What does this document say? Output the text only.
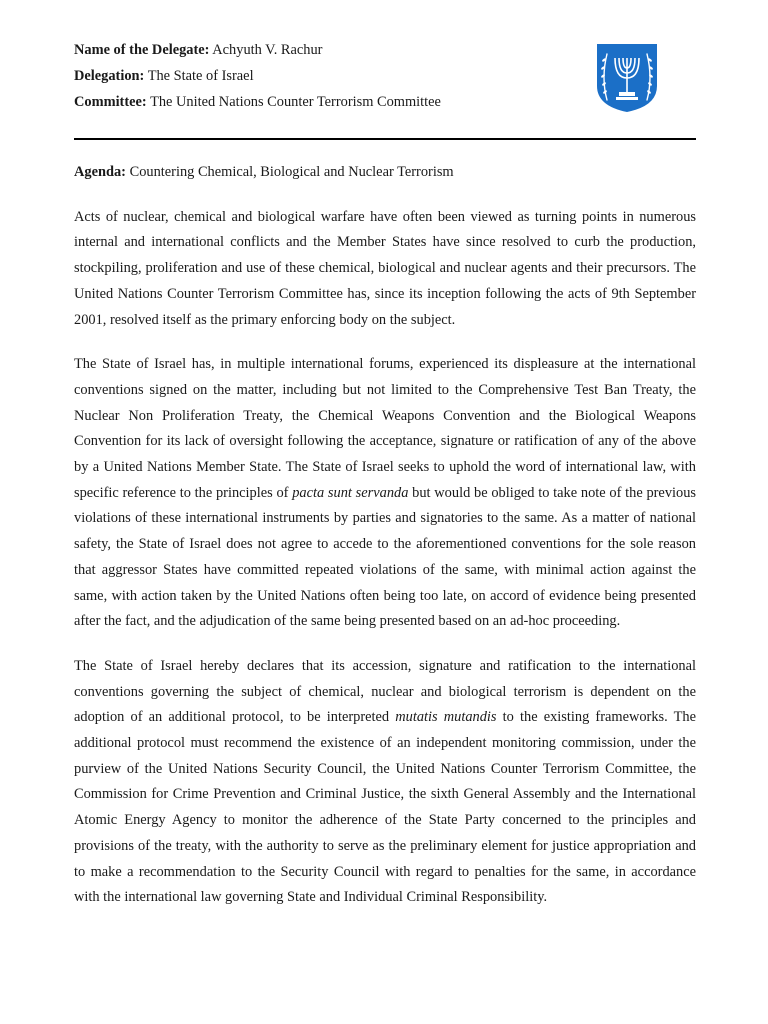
Name of the Delegate: Achyuth V. Rachur

Delegation: The State of Israel

Committee: The United Nations Counter Terrorism Committee

Agenda: Countering Chemical, Biological and Nuclear Terrorism

Acts of nuclear, chemical and biological warfare have often been viewed as turning points in numerous internal and international conflicts and the Member States have since resolved to curb the production, stockpiling, proliferation and use of these chemical, biological and nuclear agents and their precursors. The United Nations Counter Terrorism Committee has, since its inception following the acts of 9th September 2001, resolved itself as the primary enforcing body on the subject.

The State of Israel has, in multiple international forums, experienced its displeasure at the international conventions signed on the matter, including but not limited to the Comprehensive Test Ban Treaty, the Nuclear Non Proliferation Treaty, the Chemical Weapons Convention and the Biological Weapons Convention for its lack of oversight following the acceptance, signature or ratification of any of the above by a United Nations Member State. The State of Israel seeks to uphold the word of international law, with specific reference to the principles of pacta sunt servanda but would be obliged to take note of the previous violations of these international instruments by parties and signatories to the same. As a matter of national safety, the State of Israel does not agree to accede to the aforementioned conventions for the sole reason that aggressor States have committed repeated violations of the same, with minimal action against the same, with action taken by the United Nations often being too late, on accord of evidence being presented after the fact, and the adjudication of the same being presented based on an ad-hoc proceeding.

The State of Israel hereby declares that its accession, signature and ratification to the international conventions governing the subject of chemical, nuclear and biological terrorism is dependent on the adoption of an additional protocol, to be interpreted mutatis mutandis to the existing frameworks. The additional protocol must recommend the existence of an independent monitoring commission, under the purview of the United Nations Security Council, the United Nations Counter Terrorism Committee, the Commission for Crime Prevention and Criminal Justice, the sixth General Assembly and the International Atomic Energy Agency to monitor the adherence of the State Party concerned to the principles and provisions of the treaty, with the authority to serve as the preliminary element for justice appropriation and to make a recommendation to the Security Council with regard to penalties for the same, in accordance with the international law governing State and Individual Criminal Responsibility.
